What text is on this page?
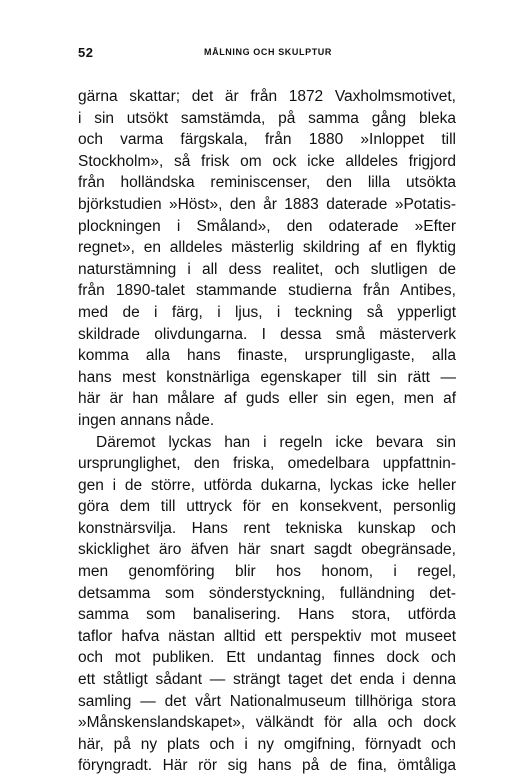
52	MÅLNING OCH SKULPTUR
gärna skattar; det är från 1872 Vaxholmsmotivet,
i sin utsökt samstämda, på samma gång bleka
och varma färgskala, från 1880 »Inloppet till
Stockholm», så frisk om ock icke alldeles frigjord
från holländska reminiscenser, den lilla utsökta
björkstudien »Höst», den år 1883 daterade »Potatis-
plockningen i Småland», den odaterade »Efter
regnet», en alldeles mästerlig skildring af en flyktig
naturstämning i all dess realitet, och slutligen de
från 1890-talet stammande studierna från Antibes,
med de i färg, i ljus, i teckning så ypperligt
skildrade olivdungarna. I dessa små mästerverk
komma alla hans finaste, ursprungligaste, alla
hans mest konstnärliga egenskaper till sin rätt —
här är han målare af guds eller sin egen, men af
ingen annans nåde.
Däremot lyckas han i regeln icke bevara sin
ursprunglighet, den friska, omedelbara uppfattnin-
gen i de större, utförda dukarna, lyckas icke heller
göra dem till uttryck för en konsekvent, personlig
konstnärsvilja. Hans rent tekniska kunskap och
skicklighet äro äfven här snart sagdt obegränsade,
men genomföring blir hos honom, i regel,
detsamma som sönderstyckning, fulländning det-
samma som banalisering. Hans stora, utförda
taflor hafva nästan alltid ett perspektiv mot museet
och mot publiken. Ett undantag finnes dock och
ett ståtligt sådant — strängt taget det enda i denna
samling — det vårt Nationalmuseum tillhöriga stora
»Månskenslandskapet», välkändt för alla och dock
här, på ny plats och i ny omgifning, förnyadt och
föryngradt. Här rör sig hans på de fina, ömtåliga
